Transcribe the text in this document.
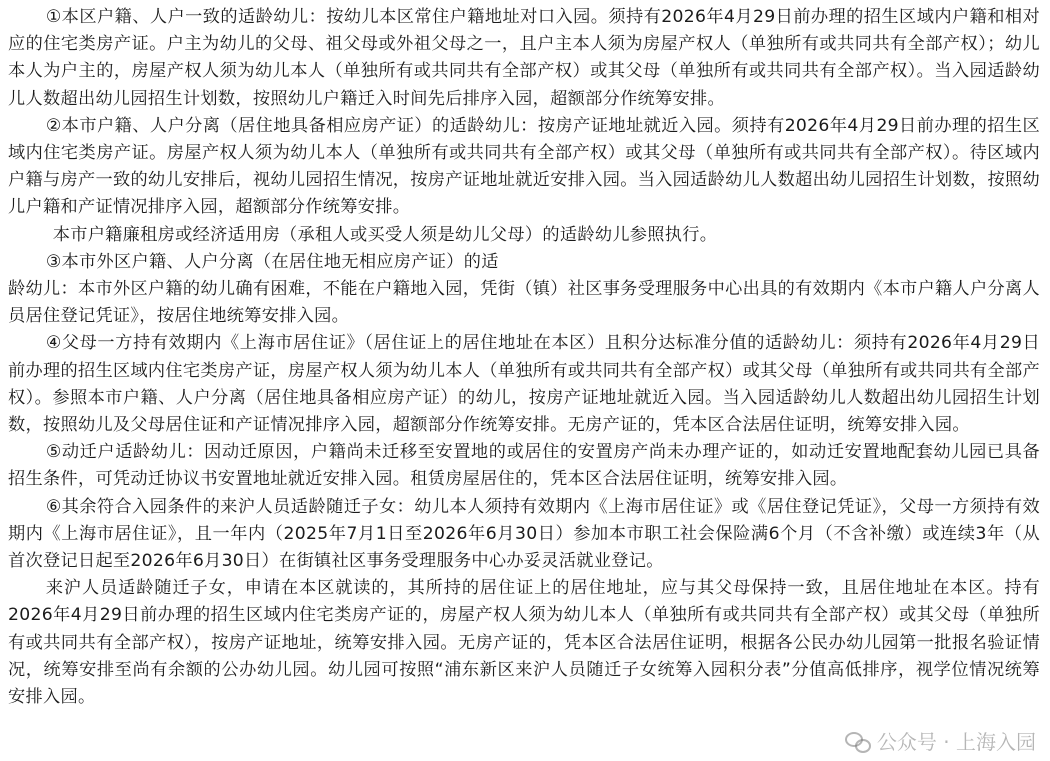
①本区户籍、人户一致的适龄幼儿：按幼儿本区常住户籍地址对口入园。须持有2026年4月29日前办理的招生区域内户籍和相对应的住宅类房产证。户主为幼儿的父母、祖父母或外祖父母之一，且户主本人须为房屋产权人（单独所有或共同共有全部产权）；幼儿本人为户主的，房屋产权人须为幼儿本人（单独所有或共同共有全部产权）或其父母（单独所有或共同共有全部产权）。当入园适龄幼儿人数超出幼儿园招生计划数，按照幼儿户籍迁入时间先后排序入园，超额部分作统筹安排。

②本市户籍、人户分离（居住地具备相应房产证）的适龄幼儿：按房产证地址就近入园。须持有2026年4月29日前办理的招生区域内住宅类房产证。房屋产权人须为幼儿本人（单独所有或共同共有全部产权）或其父母（单独所有或共同共有全部产权）。待区域内户籍与房产一致的幼儿安排后，视幼儿园招生情况，按房产证地址就近安排入园。当入园适龄幼儿人数超出幼儿园招生计划数，按照幼儿户籍和产证情况排序入园，超额部分作统筹安排。

本市户籍廉租房或经济适用房（承租人或买受人须是幼儿父母）的适龄幼儿参照执行。

③本市外区户籍、人户分离（在居住地无相应房产证）的适

龄幼儿：本市外区户籍的幼儿确有困难，不能在户籍地入园，凭街（镇）社区事务受理服务中心出具的有效期内《本市户籍人户分离人员居住登记凭证》，按居住地统筹安排入园。

④父母一方持有效期内《上海市居住证》（居住证上的居住地址在本区）且积分达标准分值的适龄幼儿：须持有2026年4月29日前办理的招生区域内住宅类房产证，房屋产权人须为幼儿本人（单独所有或共同共有全部产权）或其父母（单独所有或共同共有全部产权）。参照本市户籍、人户分离（居住地具备相应房产证）的幼儿，按房产证地址就近入园。当入园适龄幼儿人数超出幼儿园招生计划数，按照幼儿及父母居住证和产证情况排序入园，超额部分作统筹安排。无房产证的，凭本区合法居住证明，统筹安排入园。

⑤动迁户适龄幼儿：因动迁原因，户籍尚未迁移至安置地的或居住的安置房产尚未办理产证的，如动迁安置地配套幼儿园已具备招生条件，可凭动迁协议书安置地址就近安排入园。租赁房屋居住的，凭本区合法居住证明，统筹安排入园。

⑥其余符合入园条件的来沪人员适龄随迁子女：幼儿本人须持有效期内《上海市居住证》或《居住登记凭证》，父母一方须持有效期内《上海市居住证》，且一年内（2025年7月1日至2026年6月30日）参加本市职工社会保险满6个月（不含补缴）或连续3年（从首次登记日起至2026年6月30日）在街镇社区事务受理服务中心办妥灵活就业登记。

来沪人员适龄随迁子女，申请在本区就读的，其所持的居住证上的居住地址，应与其父母保持一致，且居住地址在本区。持有2026年4月29日前办理的招生区域内住宅类房产证的，房屋产权人须为幼儿本人（单独所有或共同共有全部产权）或其父母（单独所有或共同共有全部产权），按房产证地址，统筹安排入园。无房产证的，凭本区合法居住证明，根据各公民办幼儿园第一批报名验证情况，统筹安排至尚有余额的公办幼儿园。幼儿园可按照“浦东新区来沪人员随迁子女统筹入园积分表”分值高低排序，视学位情况统筹安排入园。

公众号 · 上海入园
